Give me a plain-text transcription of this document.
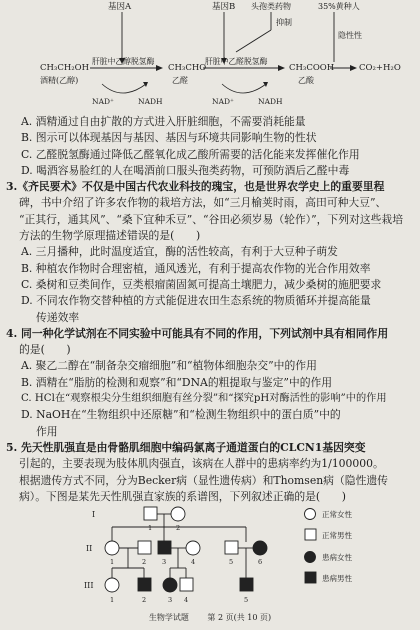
基因A	基因B 头孢类药物
抑制
35%黄种人
隐性性
CH₃CH₂OH
酒精(乙醇)
肝脏中乙醇脱氢酶
CH₃CHO
乙醛
肝脏中乙醛脱氢酶
CH₃COOH
乙酸
CO₂+H₂O
NAD⁺	NADH	NAD⁺	NADH
A. 酒精通过自由扩散的方式进入肝脏细胞，不需要消耗能量
B. 图示可以体现基因与基因、基因与环境共同影响生物的性状
C. 乙醛脱氢酶通过降低乙醛氧化成乙酸所需要的活化能来发挥催化作用
D. 喝酒容易脸红的人在喝酒前口服头孢类药物，可预防酒后乙醛中毒
3.《齐民要术》不仅是中国古代农业科技的瑰宝，也是世界农学史上的重要里程
碑，书中介绍了许多农作物的栽培方法，如“三月榆荚时雨，高田可种大豆”、
“正其行，通其风”、“桑下宜种禾豆”、“谷田必须岁易（轮作）”，下列对这些栽培
方法的生物学原理描述错误的是(　　)
A. 三月播种，此时温度适宜，酶的活性较高，有利于大豆种子萌发
B. 种植农作物时合理密植，通风透光，有利于提高农作物的光合作用效率
C. 桑树和豆类间作，豆类根瘤菌固氮可提高土壤肥力，减少桑树的施肥要求
D. 不同农作物交替种植的方式能促进农田生态系统的物质循环并提高能量
传递效率
4. 同一种化学试剂在不同实验中可能具有不同的作用，下列试剂中具有相同作用
的是(　　)
A. 聚乙二醇在“制备杂交瘤细胞”和“植物体细胞杂交”中的作用
B. 酒精在“脂肪的检测和观察”和“DNA的粗提取与鉴定”中的作用
C. HCl在“观察根尖分生组织细胞有丝分裂”和“探究pH对酶活性的影响”中的作用
D. NaOH在“生物组织中还原糖”和“检测生物组织中的蛋白质”中的
作用
5. 先天性肌强直是由骨骼肌细胞中编码氯离子通道蛋白的CLCN1基因突变
引起的，主要表现为肢体肌肉强直，该病在人群中的患病率约为1/100000。
根据遗传方式不同，分为Becker病（显性遗传病）和Thomsen病（隐性遗传
病）。下图是某先天性肌强直家族的系谱图，下列叙述正确的是(　　)
I
II
III
1	2
1	2 3	4	5	6
1	2	3 4	5
正常女性
正常男性
患病女性
患病男性
生物学试题 第 2 页(共 10 页)
